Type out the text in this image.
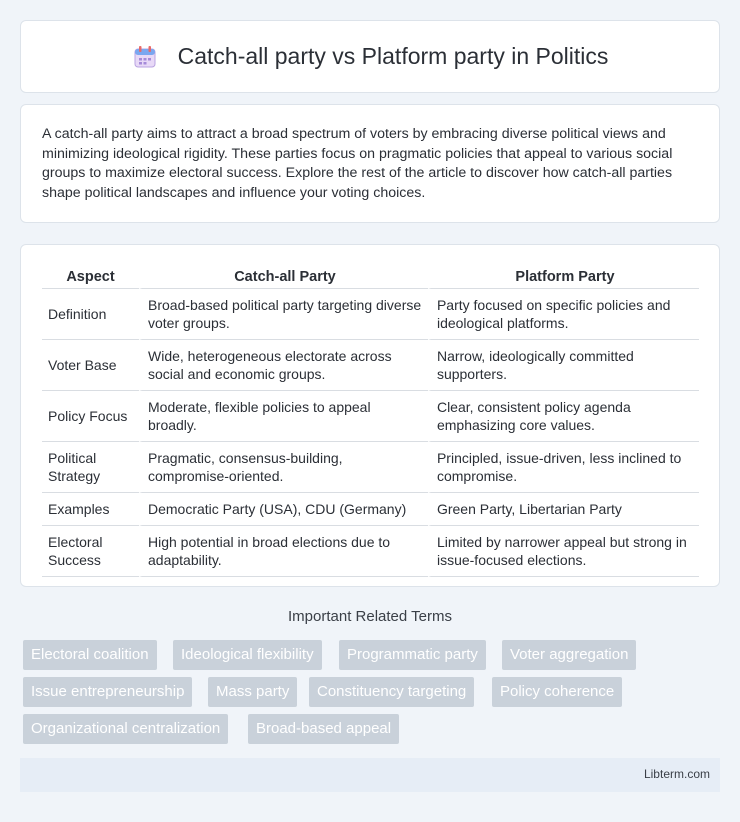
Catch-all party vs Platform party in Politics

A catch-all party aims to attract a broad spectrum of voters by embracing diverse political views and minimizing ideological rigidity. These parties focus on pragmatic policies that appeal to various social groups to maximize electoral success. Explore the rest of the article to discover how catch-all parties shape political landscapes and influence your voting choices.

Aspect	Catch-all Party	Platform Party
Definition	Broad-based political party targeting diverse voter groups.	Party focused on specific policies and ideological platforms.
Voter Base	Wide, heterogeneous electorate across social and economic groups.	Narrow, ideologically committed supporters.
Policy Focus	Moderate, flexible policies to appeal broadly.	Clear, consistent policy agenda emphasizing core values.
Political Strategy	Pragmatic, consensus-building, compromise-oriented.	Principled, issue-driven, less inclined to compromise.
Examples	Democratic Party (USA), CDU (Germany)	Green Party, Libertarian Party
Electoral Success	High potential in broad elections due to adaptability.	Limited by narrower appeal but strong in issue-focused elections.
Important Related Terms
Electoral coalition	Ideological flexibility	Programmatic party	Voter aggregation
Issue entrepreneurship	Mass party	Constituency targeting	Policy coherence
Organizational centralization	Broad-based appeal
Libterm.com
